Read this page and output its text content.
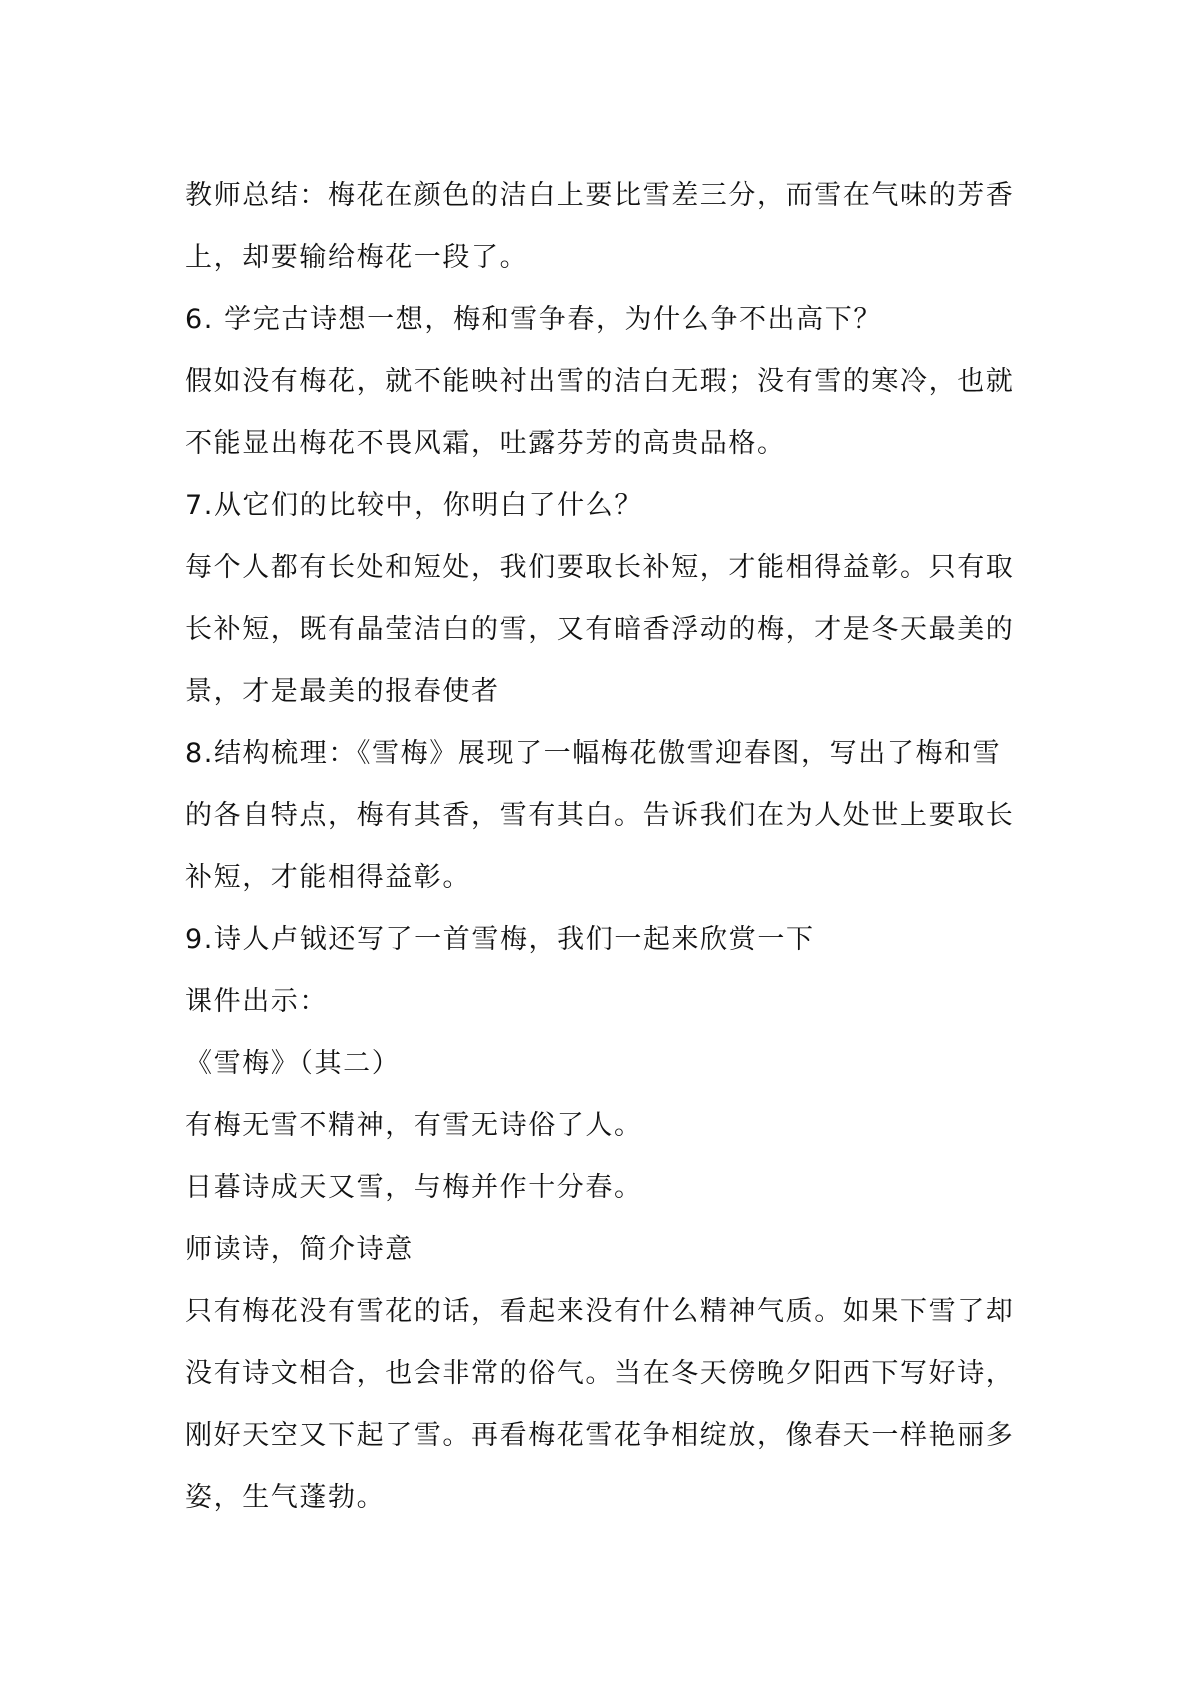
教师总结：梅花在颜色的洁白上要比雪差三分，而雪在气味的芳香

上，却要输给梅花一段了。

6. 学完古诗想一想，梅和雪争春，为什么争不出高下？

假如没有梅花，就不能映衬出雪的洁白无瑕；没有雪的寒冷，也就

不能显出梅花不畏风霜，吐露芬芳的高贵品格。

7.从它们的比较中，你明白了什么？

每个人都有长处和短处，我们要取长补短，才能相得益彰。只有取

长补短，既有晶莹洁白的雪，又有暗香浮动的梅，才是冬天最美的

景，才是最美的报春使者

8.结构梳理：《雪梅》展现了一幅梅花傲雪迎春图，写出了梅和雪

的各自特点，梅有其香，雪有其白。告诉我们在为人处世上要取长

补短，才能相得益彰。

9.诗人卢钺还写了一首雪梅，我们一起来欣赏一下

课件出示：

《雪梅》（其二）

有梅无雪不精神，有雪无诗俗了人。

日暮诗成天又雪，与梅并作十分春。

师读诗，简介诗意

只有梅花没有雪花的话，看起来没有什么精神气质。如果下雪了却

没有诗文相合，也会非常的俗气。当在冬天傍晚夕阳西下写好诗，

刚好天空又下起了雪。再看梅花雪花争相绽放，像春天一样艳丽多

姿，生气蓬勃。
